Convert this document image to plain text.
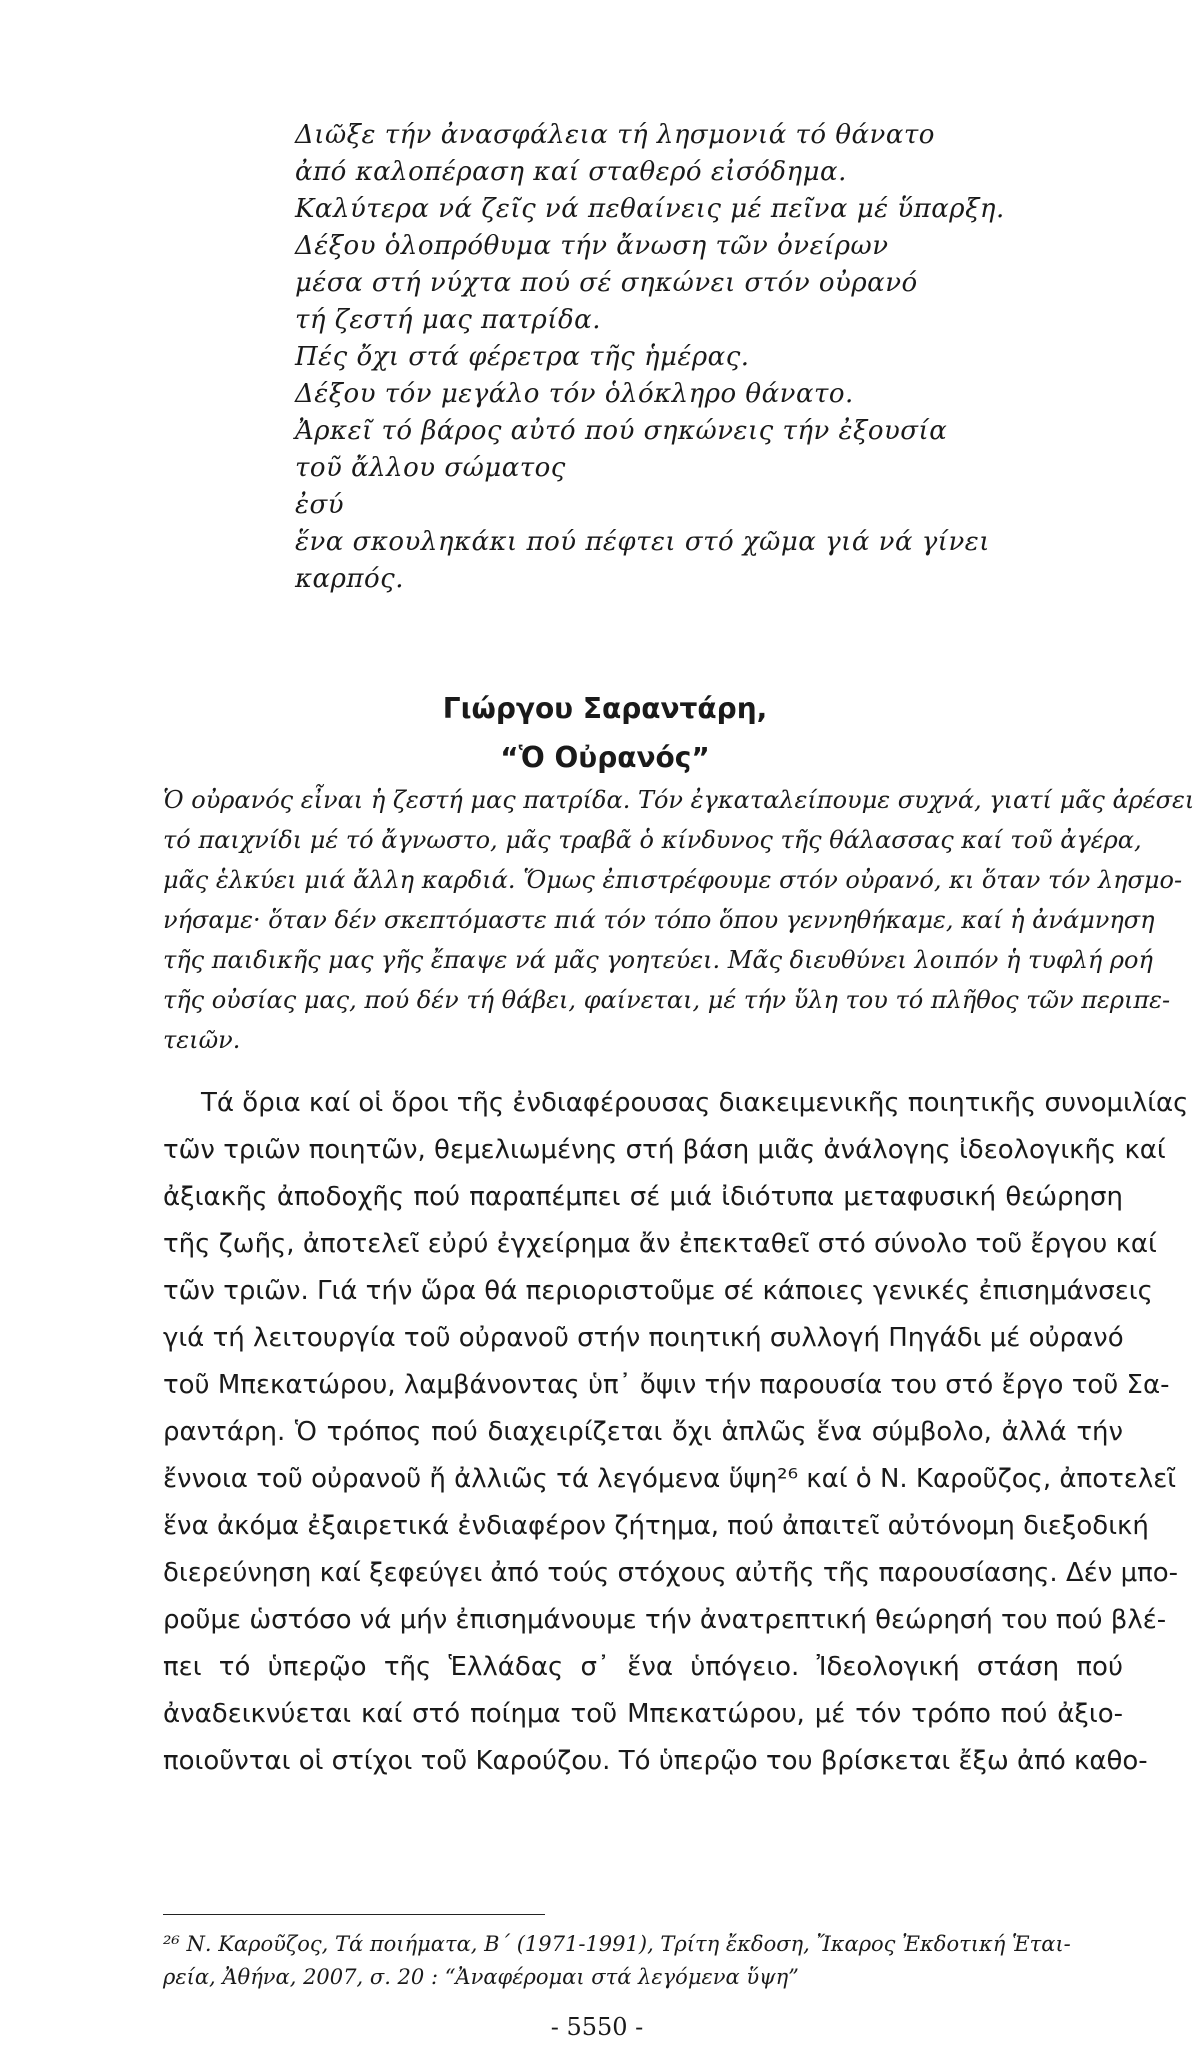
Διῶξε τήν ἀνασφάλεια τή λησμονιά τό θάνατο
ἀπό καλοπέραση καί σταθερό εἰσόδημα.
Καλύτερα νά ζεῖς νά πεθαίνεις μέ πεῖνα μέ ὕπαρξη.
Δέξου ὁλοπρόθυμα τήν ἄνωση τῶν ὀνείρων
μέσα στή νύχτα πού σέ σηκώνει στόν οὐρανό
τή ζεστή μας πατρίδα.
Πές ὄχι στά φέρετρα τῆς ἡμέρας.
Δέξου τόν μεγάλο τόν ὁλόκληρο θάνατο.
Ἀρκεῖ τό βάρος αὐτό πού σηκώνεις τήν ἐξουσία
τοῦ ἄλλου σώματος
ἐσύ
ἕνα σκουληκάκι πού πέφτει στό χῶμα γιά νά γίνει
καρπός.
Γιώργου Σαραντάρη,
“Ὁ Οὐρανός”
Ὁ οὐρανός εἶναι ἡ ζεστή μας πατρίδα. Τόν ἐγκαταλείπουμε συχνά, γιατί μᾶς ἀρέσει
τό παιχνίδι μέ τό ἄγνωστο, μᾶς τραβᾶ ὁ κίνδυνος τῆς θάλασσας καί τοῦ ἀγέρα,
μᾶς ἑλκύει μιά ἄλλη καρδιά. Ὅμως ἐπιστρέφουμε στόν οὐρανό, κι ὅταν τόν λησμο-
νήσαμε· ὅταν δέν σκεπτόμαστε πιά τόν τόπο ὅπου γεννηθήκαμε, καί ἡ ἀνάμνηση
τῆς παιδικῆς μας γῆς ἔπαψε νά μᾶς γοητεύει. Μᾶς διευθύνει λοιπόν ἡ τυφλή ροή
τῆς οὐσίας μας, πού δέν τή θάβει, φαίνεται, μέ τήν ὕλη του τό πλῆθος τῶν περιπε-
τειῶν.
Τά ὅρια καί οἱ ὅροι τῆς ἐνδιαφέρουσας διακειμενικῆς ποιητικῆς συνομιλίας
τῶν τριῶν ποιητῶν, θεμελιωμένης στή βάση μιᾶς ἀνάλογης ἰδεολογικῆς καί
ἀξιακῆς ἀποδοχῆς πού παραπέμπει σέ μιά ἰδιότυπα μεταφυσική θεώρηση
τῆς ζωῆς, ἀποτελεῖ εὐρύ ἐγχείρημα ἄν ἐπεκταθεῖ στό σύνολο τοῦ ἔργου καί
τῶν τριῶν. Γιά τήν ὥρα θά περιοριστοῦμε σέ κάποιες γενικές ἐπισημάνσεις
γιά τή λειτουργία τοῦ οὐρανοῦ στήν ποιητική συλλογή Πηγάδι μέ οὐρανό
τοῦ Μπεκατώρου, λαμβάνοντας ὑπ᾽ ὄψιν τήν παρουσία του στό ἔργο τοῦ Σα-
ραντάρη. Ὁ τρόπος πού διαχειρίζεται ὄχι ἁπλῶς ἕνα σύμβολο, ἀλλά τήν
ἔννοια τοῦ οὐρανοῦ ἤ ἀλλιῶς τά λεγόμενα ὕψη²⁶ καί ὁ Ν. Καροῦζος, ἀποτελεῖ
ἕνα ἀκόμα ἐξαιρετικά ἐνδιαφέρον ζήτημα, πού ἀπαιτεῖ αὐτόνομη διεξοδική
διερεύνηση καί ξεφεύγει ἀπό τούς στόχους αὐτῆς τῆς παρουσίασης. Δέν μπο-
ροῦμε ὡστόσο νά μήν ἐπισημάνουμε τήν ἀνατρεπτική θεώρησή του πού βλέ-
πει τό ὑπερῷο τῆς Ἑλλάδας σ᾽ ἕνα ὑπόγειο. Ἰδεολογική στάση πού
ἀναδεικνύεται καί στό ποίημα τοῦ Μπεκατώρου, μέ τόν τρόπο πού ἀξιο-
ποιοῦνται οἱ στίχοι τοῦ Καρούζου. Τό ὑπερῷο του βρίσκεται ἔξω ἀπό καθο-
²⁶ Ν. Καροῦζος, Τά ποιήματα, Β΄ (1971-1991), Τρίτη ἔκδοση, Ἴκαρος Ἐκδοτική Ἑται-
ρεία, Ἀθήνα, 2007, σ. 20 : “Ἀναφέρομαι στά λεγόμενα ὕψη”
- 5550 -
